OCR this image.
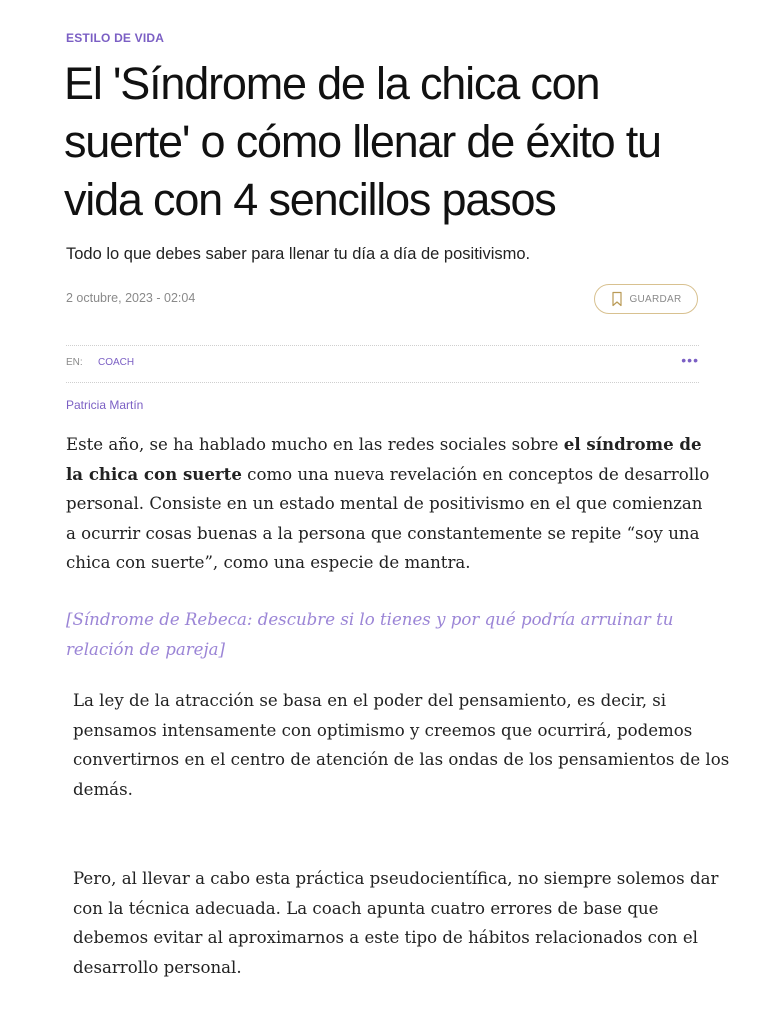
ESTILO DE VIDA
El 'Síndrome de la chica con suerte' o cómo llenar de éxito tu vida con 4 sencillos pasos

Todo lo que debes saber para llenar tu día a día de positivismo.

2 octubre, 2023 - 02:04	GUARDAR
EN: COACH	•••
Patricia Martín

Este año, se ha hablado mucho en las redes sociales sobre el síndrome de la chica con suerte como una nueva revelación en conceptos de desarrollo personal. Consiste en un estado mental de positivismo en el que comienzan a ocurrir cosas buenas a la persona que constantemente se repite “soy una chica con suerte”, como una especie de mantra.

[Síndrome de Rebeca: descubre si lo tienes y por qué podría arruinar tu relación de pareja]

La ley de la atracción se basa en el poder del pensamiento, es decir, si pensamos intensamente con optimismo y creemos que ocurrirá, podemos convertirnos en el centro de atención de las ondas de los pensamientos de los demás.

Pero, al llevar a cabo esta práctica pseudocientífica, no siempre solemos dar con la técnica adecuada. La coach apunta cuatro errores de base que debemos evitar al aproximarnos a este tipo de hábitos relacionados con el desarrollo personal.
